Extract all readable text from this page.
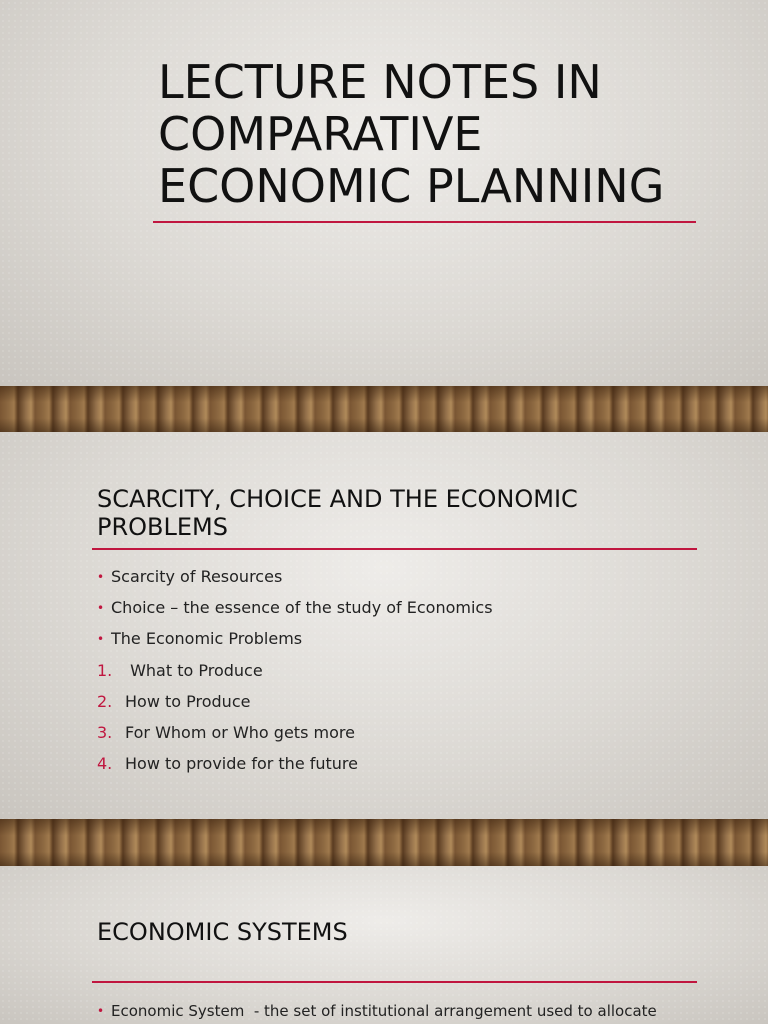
LECTURE NOTES IN
COMPARATIVE
ECONOMIC PLANNING
SCARCITY, CHOICE AND THE ECONOMIC
PROBLEMS
• Scarcity of Resources
• Choice – the essence of the study of Economics
• The Economic Problems
1. What to Produce
2. How to Produce
3. For Whom or Who gets more
4. How to provide for the future
ECONOMIC SYSTEMS
• Economic System  - the set of institutional arrangement used to allocate
